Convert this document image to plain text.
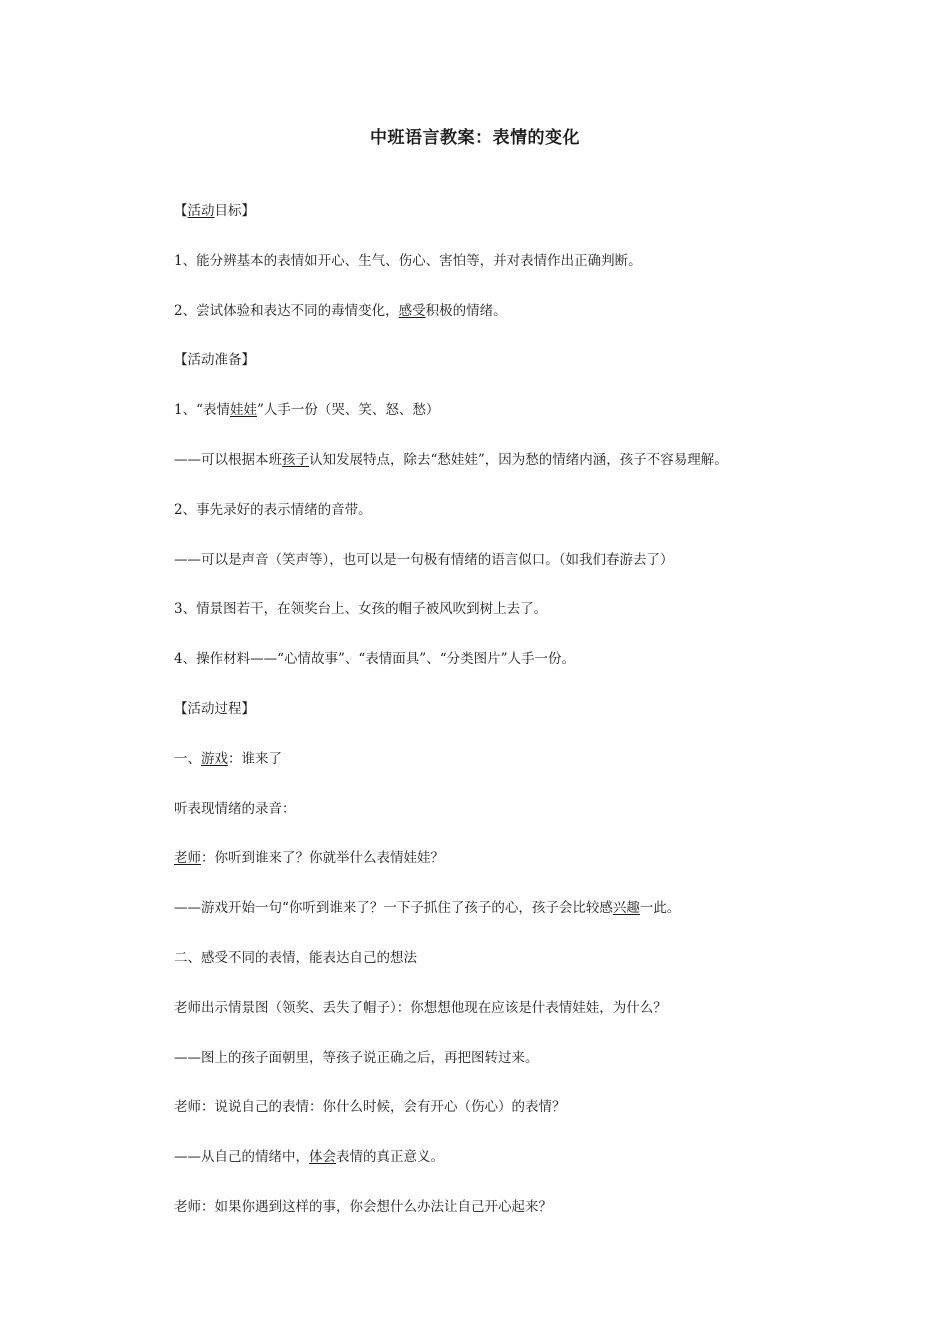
中班语言教案：表情的变化

【活动目标】

1、能分辨基本的表情如开心、生气、伤心、害怕等，并对表情作出正确判断。

2、尝试体验和表达不同的毒情变化，感受积极的情绪。

【活动准备】

1、“表情娃娃”人手一份（哭、笑、怒、愁）

——可以根据本班孩子认知发展特点，除去“愁娃娃”，因为愁的情绪内涵，孩子不容易理解。

2、事先录好的表示情绪的音带。

——可以是声音（笑声等），也可以是一句极有情绪的语言似口。（如我们春游去了）

3、情景图若干，在领奖台上、女孩的帽子被风吹到树上去了。

4、操作材料——“心情故事”、“表情面具”、“分类图片”人手一份。

【活动过程】

一、游戏：谁来了

听表现情绪的录音：

老师：你听到谁来了？你就举什么表情娃娃？

——游戏开始一句“你听到谁来了？一下子抓住了孩子的心，孩子会比较感兴趣一此。

二、感受不同的表情，能表达自己的想法

老师出示情景图（领奖、丢失了帽子）：你想想他现在应该是什表情娃娃，为什么？

——图上的孩子面朝里，等孩子说正确之后，再把图转过来。

老师：说说自己的表情：你什么时候，会有开心（伤心）的表情？

——从自己的情绪中，体会表情的真正意义。

老师：如果你遇到这样的事，你会想什么办法让自己开心起来？
